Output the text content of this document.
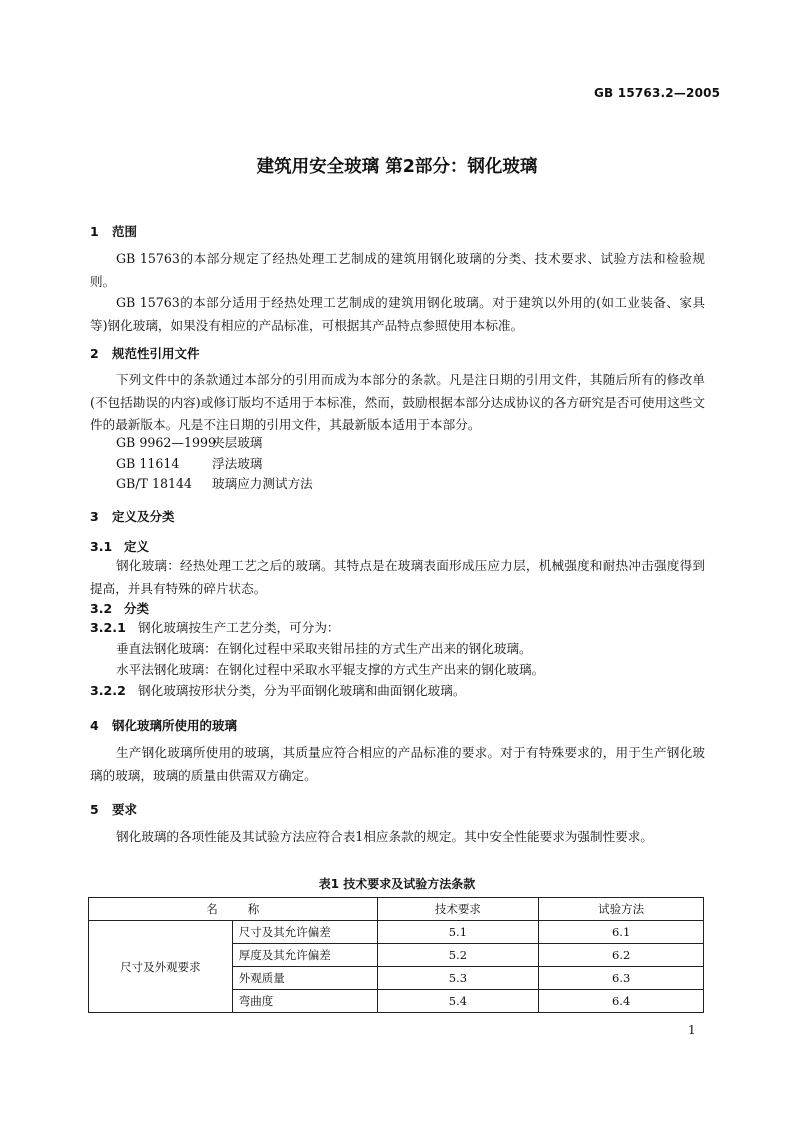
GB 15763.2—2005
建筑用安全玻璃 第2部分：钢化玻璃
1 范围
GB 15763的本部分规定了经热处理工艺制成的建筑用钢化玻璃的分类、技术要求、试验方法和检验规则。
GB 15763的本部分适用于经热处理工艺制成的建筑用钢化玻璃。对于建筑以外用的(如工业装备、家具等)钢化玻璃，如果没有相应的产品标准，可根据其产品特点参照使用本标准。
2 规范性引用文件
下列文件中的条款通过本部分的引用而成为本部分的条款。凡是注日期的引用文件，其随后所有的修改单(不包括勘误的内容)或修订版均不适用于本标准，然而，鼓励根据本部分达成协议的各方研究是否可使用这些文件的最新版本。凡是不注日期的引用文件，其最新版本适用于本部分。
GB 9962—1999夹层玻璃
GB 11614	浮法玻璃
GB/T 18144 玻璃应力测试方法
3 定义及分类
3.1 定义
钢化玻璃：经热处理工艺之后的玻璃。其特点是在玻璃表面形成压应力层，机械强度和耐热冲击强度得到提高，并具有特殊的碎片状态。
3.2 分类
3.2.1 钢化玻璃按生产工艺分类，可分为：
垂直法钢化玻璃：在钢化过程中采取夹钳吊挂的方式生产出来的钢化玻璃。
水平法钢化玻璃：在钢化过程中采取水平辊支撑的方式生产出来的钢化玻璃。
3.2.2 钢化玻璃按形状分类，分为平面钢化玻璃和曲面钢化玻璃。
4 钢化玻璃所使用的玻璃
生产钢化玻璃所使用的玻璃，其质量应符合相应的产品标准的要求。对于有特殊要求的，用于生产钢化玻璃的玻璃，玻璃的质量由供需双方确定。
5 要求
钢化玻璃的各项性能及其试验方法应符合表1相应条款的规定。其中安全性能要求为强制性要求。
表1 技术要求及试验方法条款
名 称		技术要求	试验方法
尺寸及外观要求	尺寸及其允许偏差	5.1	6.1
	厚度及其允许偏差	5.2	6.2
	外观质量	5.3	6.3
	弯曲度	5.4	6.4
1
